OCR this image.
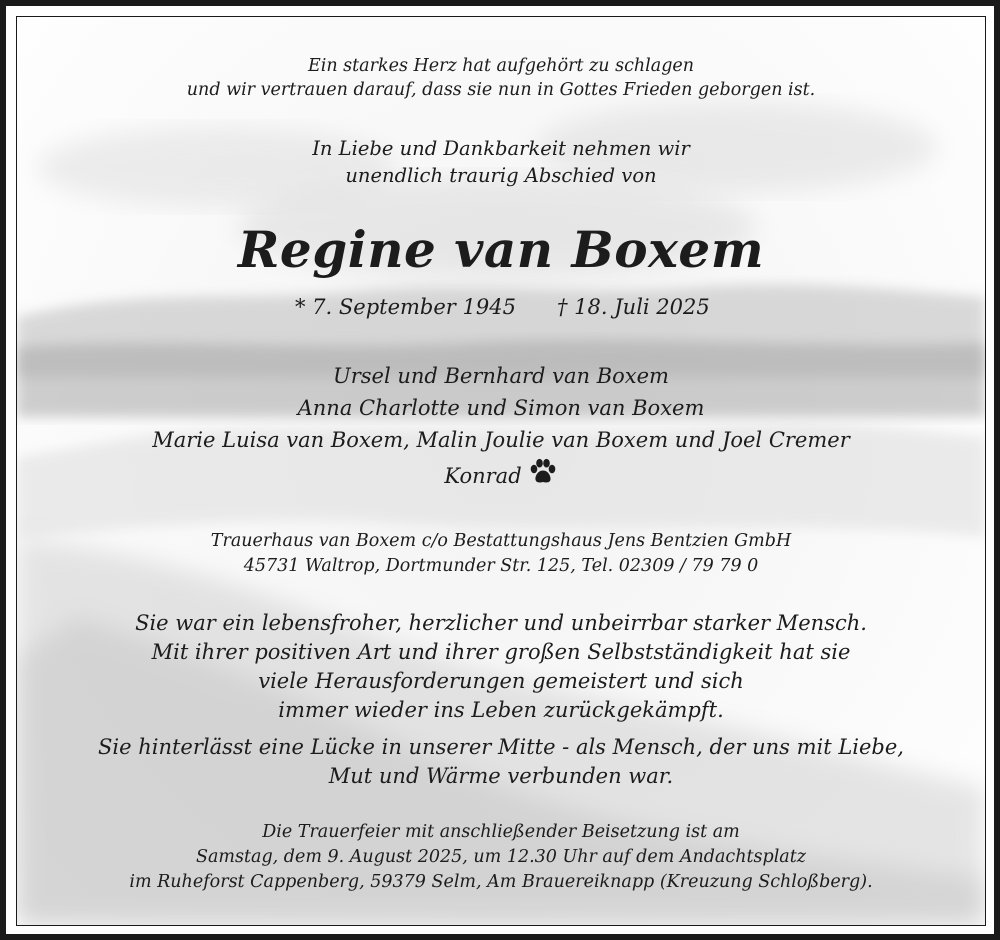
Ein starkes Herz hat aufgehört zu schlagen
und wir vertrauen darauf, dass sie nun in Gottes Frieden geborgen ist.
In Liebe und Dankbarkeit nehmen wir
unendlich traurig Abschied von
Regine van Boxem
* 7. September 1945 † 18. Juli 2025
Ursel und Bernhard van Boxem
Anna Charlotte und Simon van Boxem
Marie Luisa van Boxem, Malin Joulie van Boxem und Joel Cremer
Konrad
Trauerhaus van Boxem c/o Bestattungshaus Jens Bentzien GmbH
45731 Waltrop, Dortmunder Str. 125, Tel. 02309 / 79 79 0
Sie war ein lebensfroher, herzlicher und unbeirrbar starker Mensch.
Mit ihrer positiven Art und ihrer großen Selbstständigkeit hat sie
viele Herausforderungen gemeistert und sich
immer wieder ins Leben zurückgekämpft.
Sie hinterlässt eine Lücke in unserer Mitte - als Mensch, der uns mit Liebe,
Mut und Wärme verbunden war.
Die Trauerfeier mit anschließender Beisetzung ist am
Samstag, dem 9. August 2025, um 12.30 Uhr auf dem Andachtsplatz
im Ruheforst Cappenberg, 59379 Selm, Am Brauereiknapp (Kreuzung Schloßberg).
